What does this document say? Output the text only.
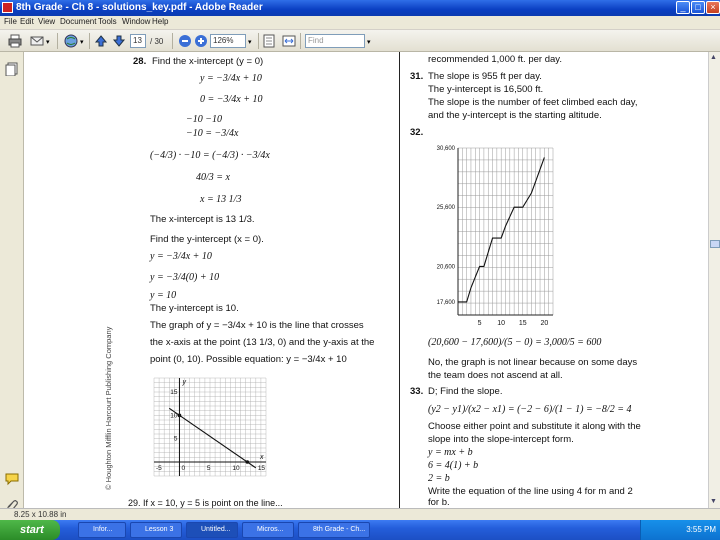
8th Grade - Ch 8 - solutions_key.pdf - Adobe Reader	_	□	×
File Edit View Document Tools Window Help
▾	▾	13	/ 30	126%	▾	Find	▾
© Houghton Mifflin Harcourt Publishing Company
28. Find the x-intercept (y = 0)
y = −3/4x + 10
0 = −3/4x + 10
−10 −10
−10 = −3/4x
(−4/3) · −10 = (−4/3) · −3/4x
40/3 = x
x = 13 1/3
The x-intercept is 13 1/3.
Find the y-intercept (x = 0).
y = −3/4x + 10
y = −3/4(0) + 10
y = 10
The y-intercept is 10.
The graph of y = −3/4x + 10 is the line that crosses
the x-axis at the point (13 1/3, 0) and the y-axis at the
point (0, 10). Possible equation: y = −3/4x + 10
-5	0	5	10	15
15
10
5
x
y
29. If x = 10, y = 5 is point on the line...
recommended 1,000 ft. per day.
31. The slope is 955 ft per day.
The y-intercept is 16,500 ft.
The slope is the number of feet climbed each day,
and the y-intercept is the starting altitude.
32.
5 10 15 20
17,600
20,600
25,600
30,600
(20,600 − 17,600)/(5 − 0) = 3,000/5 = 600
No, the graph is not linear because on some days
the team does not ascend at all.
33. D; Find the slope.
(y2 − y1)/(x2 − x1) = (−2 − 6)/(1 − 1) = −8/2 = 4
Choose either point and substitute it along with the
slope into the slope-intercept form.
y = mx + b
6 = 4(1) + b
2 = b
Write the equation of the line using 4 for m and 2
for b.
▲
▼
8.25 x 10.88 in
start	Infor...	Lesson 3	Untitled...	Micros...	8th Grade - Ch...	3:55 PM
